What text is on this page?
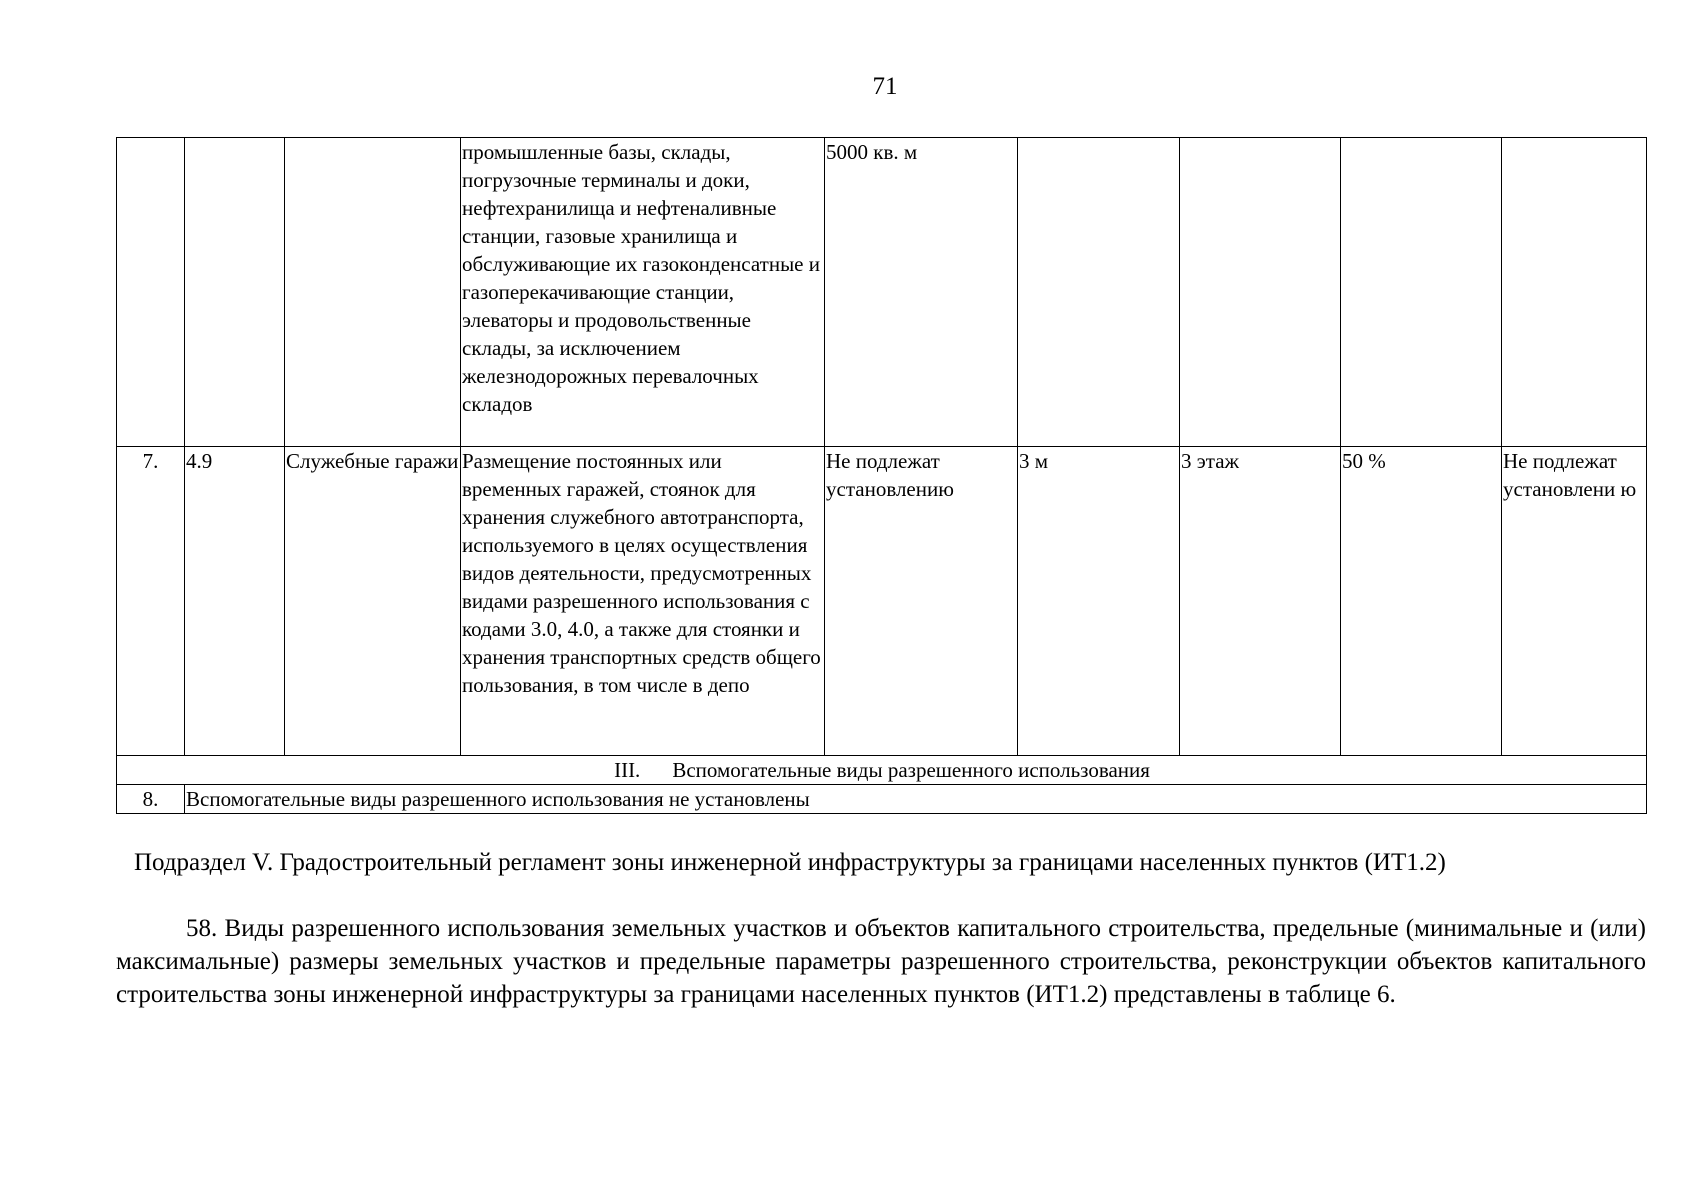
71
			промышленные базы, склады, погрузочные терминалы и доки, нефтехранилища и нефтеналивные станции, газовые хранилища и обслуживающие их газоконденсатные и газоперекачивающие станции, элеваторы и продовольственные склады, за исключением железнодорожных перевалочных складов	5000 кв. м				
7.	4.9	Служебные гаражи	Размещение постоянных или временных гаражей, стоянок для хранения служебного автотранспорта, используемого в целях осуществления видов деятельности, предусмотренных видами разрешенного использования с кодами 3.0, 4.0, а также для стоянки и хранения транспортных средств общего пользования, в том числе в депо	Не подлежат установлению	3 м	3 этаж	50 %	Не подлежат установлени ю
III. Вспомогательные виды разрешенного использования								
8.	Вспомогательные виды разрешенного использования не установлены							
Подраздел V. Градостроительный регламент зоны инженерной инфраструктуры за границами населенных пунктов (ИТ1.2)

58. Виды разрешенного использования земельных участков и объектов капитального строительства, предельные (минимальные и (или) максимальные) размеры земельных участков и предельные параметры разрешенного строительства, реконструкции объектов капитального строительства зоны инженерной инфраструктуры за границами населенных пунктов (ИТ1.2) представлены в таблице 6.
